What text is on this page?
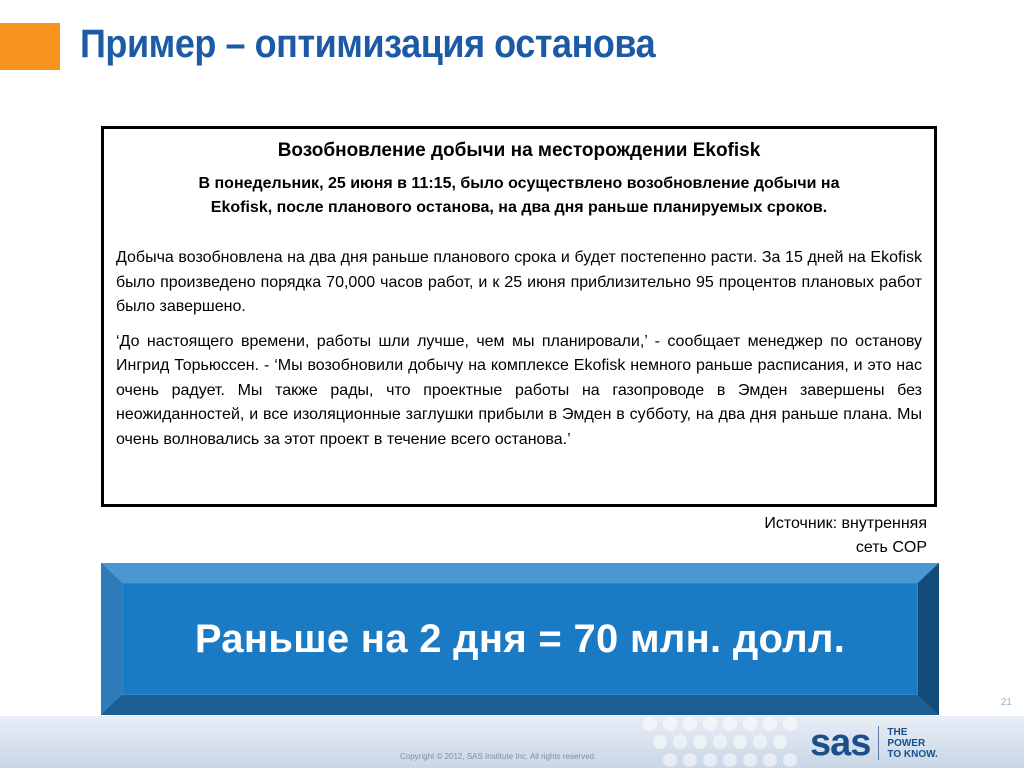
Пример – оптимизация останова
Возобновление добычи на месторождении Ekofisk
В понедельник, 25 июня в 11:15, было осуществлено возобновление добычи на
Ekofisk, после планового останова, на два дня раньше планируемых сроков.

Добыча возобновлена на два дня раньше планового срока и будет постепенно расти. За 15 дней на Ekofisk было произведено порядка 70,000 часов работ, и к 25 июня приблизительно 95 процентов плановых работ было завершено.

‘До настоящего времени, работы шли лучше, чем мы планировали,’ - сообщает менеджер по останову Ингрид Торьюссен. - ‘Мы возобновили добычу на комплексе Ekofisk немного раньше расписания, и это нас очень радует. Мы также рады, что проектные работы на газопроводе в Эмден завершены без неожиданностей, и все изоляционные заглушки прибыли в Эмден в субботу, на два дня раньше плана. Мы очень волновались за этот проект в течение всего останова.’

Источник: внутренняя
сеть COP
Раньше на 2 дня = 70 млн. долл.
21
Copyright © 2012, SAS Institute Inc. All rights reserved.	sas THE
POWER
TO KNOW.
